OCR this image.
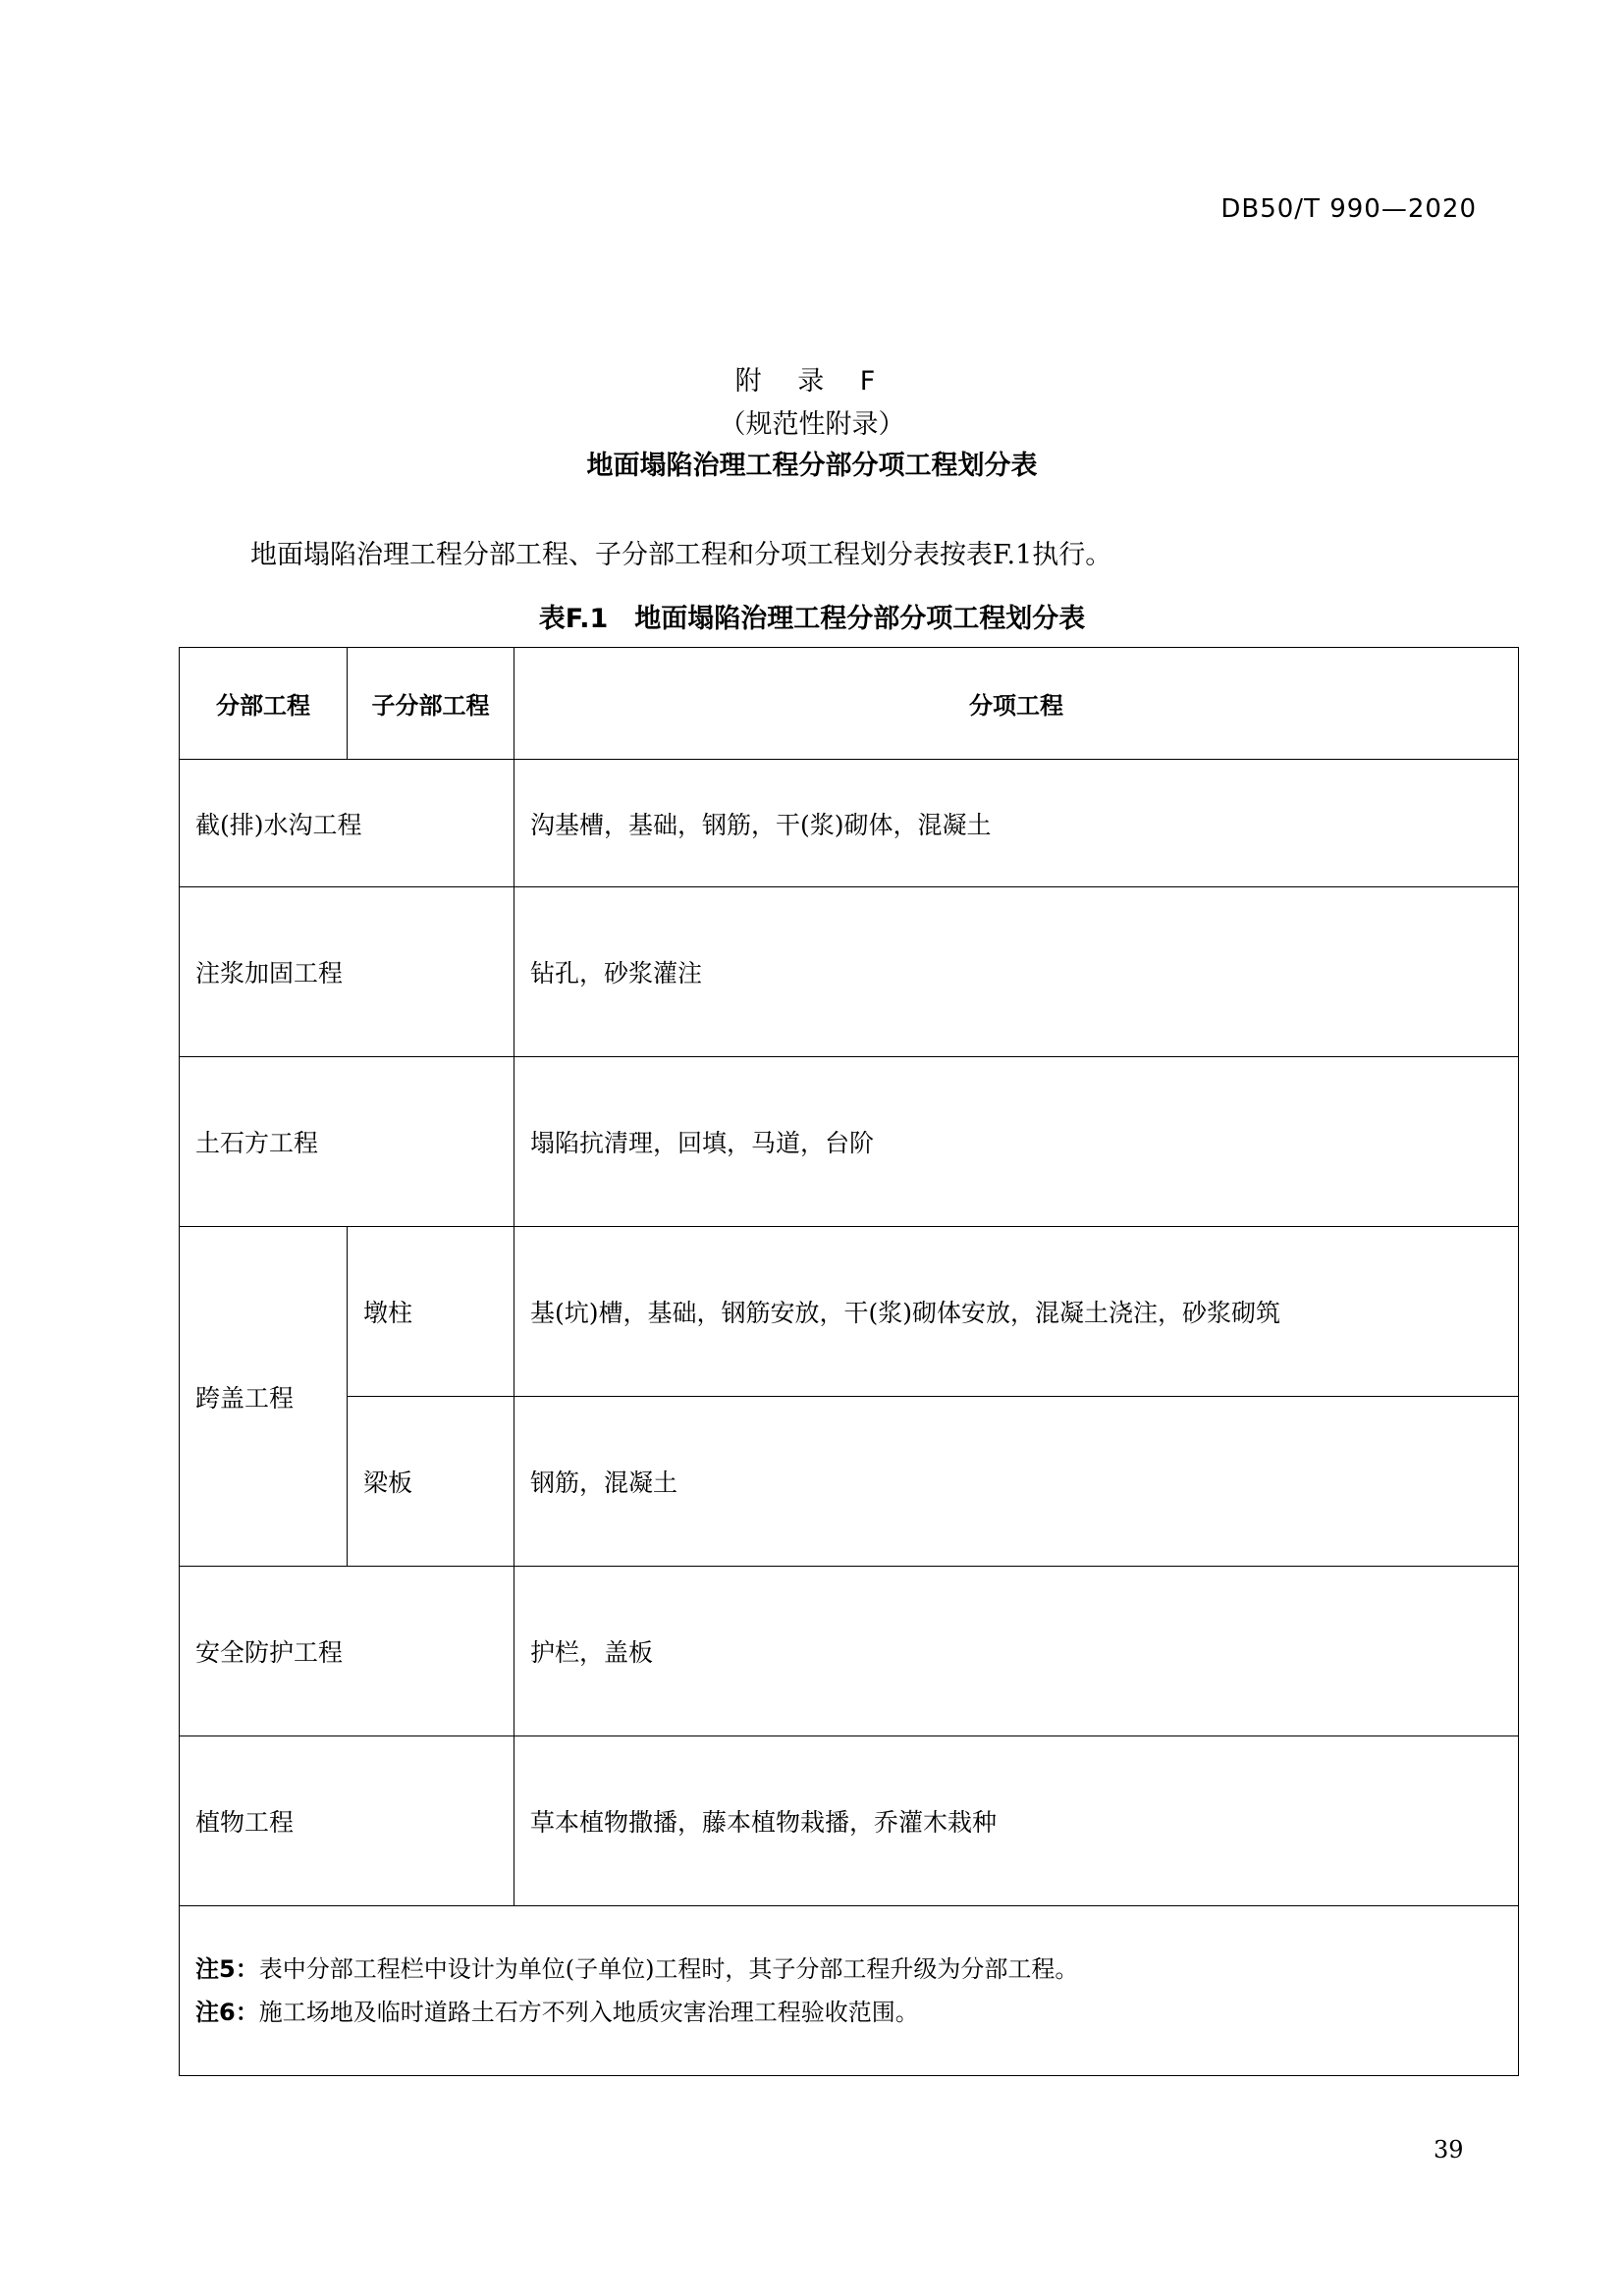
DB50/T 990—2020
附 录 F
（规范性附录）
地面塌陷治理工程分部分项工程划分表
地面塌陷治理工程分部工程、子分部工程和分项工程划分表按表F.1执行。
表F.1　地面塌陷治理工程分部分项工程划分表
分部工程	子分部工程	分项工程
截(排)水沟工程		沟基槽，基础，钢筋，干(浆)砌体，混凝土
注浆加固工程		钻孔，砂浆灌注
土石方工程		塌陷抗清理，回填，马道，台阶
跨盖工程	墩柱	基(坑)槽，基础，钢筋安放，干(浆)砌体安放，混凝土浇注，砂浆砌筑
	梁板	钢筋，混凝土
安全防护工程		护栏，盖板
植物工程		草本植物撒播，藤本植物栽播，乔灌木栽种

注5：表中分部工程栏中设计为单位(子单位)工程时，其子分部工程升级为分部工程。
注6：施工场地及临时道路土石方不列入地质灾害治理工程验收范围。		
39
